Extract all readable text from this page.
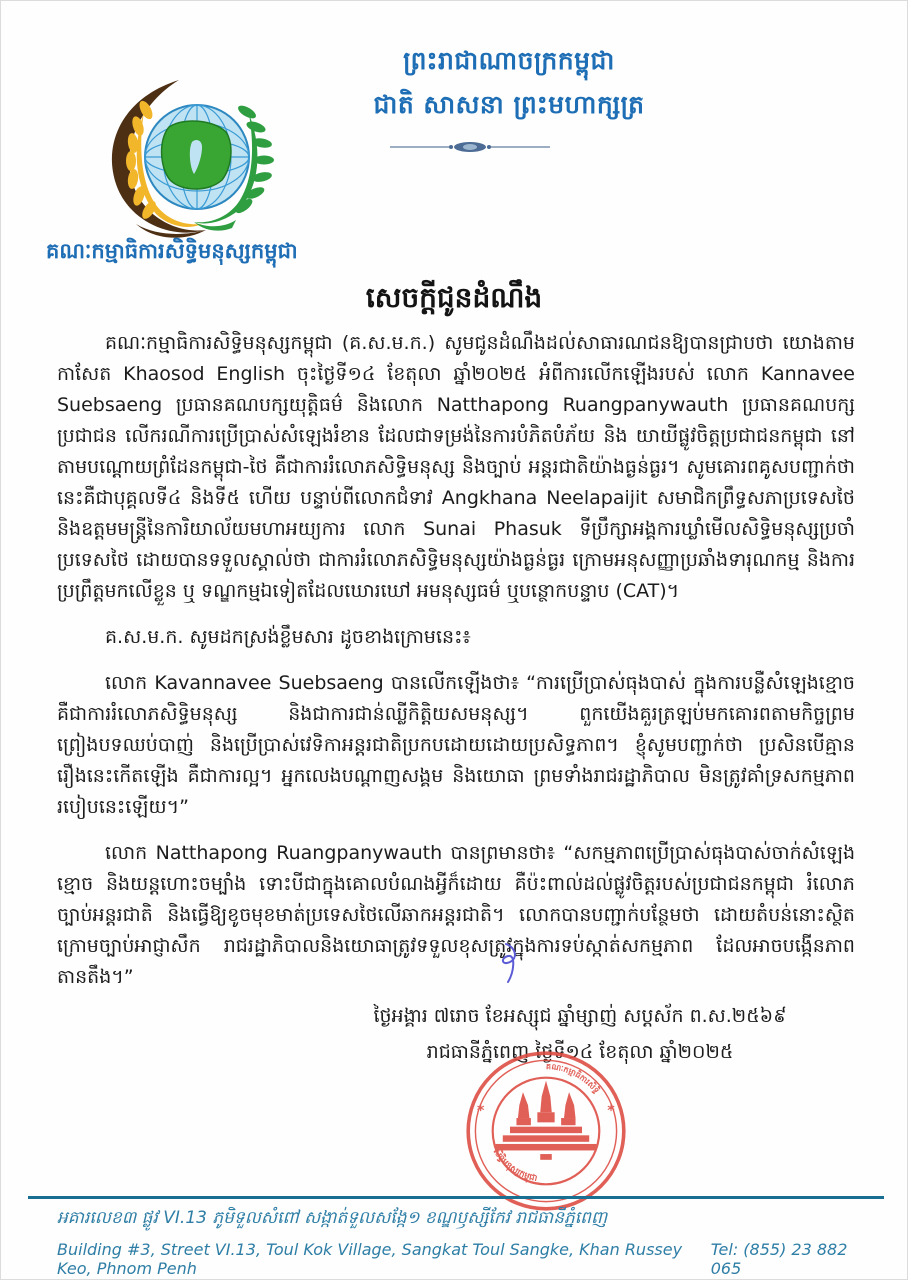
ព្រះរាជាណាចក្រកម្ពុជា
ជាតិ សាសនា ព្រះមហាក្សត្រ
គណៈកម្មាធិការសិទ្ធិមនុស្សកម្ពុជា
សេចក្តីជូនដំណឹង

គណៈកម្មាធិការសិទ្ធិមនុស្សកម្ពុជា (គ.ស.ម.ក.) សូមជូនដំណឹងដល់សាធារណជនឱ្យបានជ្រាបថា យោងតាមកាសែត Khaosod English ចុះថ្ងៃទី១៤ ខែតុលា ឆ្នាំ២០២៥ អំពីការលើកឡើងរបស់ លោក Kannavee Suebsaeng ប្រធានគណបក្សយុត្តិធម៌ និងលោក Natthapong Ruangpanywauth ប្រធានគណបក្សប្រជាជន លើករណីការប្រើប្រាស់សំឡេងរំខាន ដែលជាទម្រង់នៃការបំភិតបំភ័យ និង យាយីផ្លូវចិត្តប្រជាជនកម្ពុជា នៅតាមបណ្តោយព្រំដែនកម្ពុជា-ថៃ គឺជាការរំលោភសិទ្ធិមនុស្ស និងច្បាប់ អន្តរជាតិយ៉ាងធ្ងន់ធ្ងរ។ សូមគោរពគូសបញ្ជាក់ថា នេះគឺជាបុគ្គលទី៤ និងទី៥ ហើយ បន្ទាប់ពីលោកជំទាវ Angkhana Neelapaijit សមាជិកព្រឹទ្ធសភាប្រទេសថៃ និងឧត្តមមន្រ្តីនៃការិយាល័យមហាអយ្យការ លោក Sunai Phasuk ទីប្រឹក្សាអង្គការឃ្លាំមើលសិទ្ធិមនុស្សប្រចាំប្រទេសថៃ ដោយបានទទួលស្គាល់ថា ជាការរំលោភសិទ្ធិមនុស្សយ៉ាងធ្ងន់ធ្ងរ ក្រោមអនុសញ្ញាប្រឆាំងទារុណកម្ម និងការប្រព្រឹត្តមកលើខ្លួន ឬ ទណ្ឌកម្មឯទៀតដែលឃោរឃៅ អមនុស្សធម៌ ឬបន្ថោកបន្ទាប (CAT)។

គ.ស.ម.ក. សូមដកស្រង់ខ្លឹមសារ ដូចខាងក្រោមនេះ៖

លោក Kavannavee Suebsaeng បានលើកឡើងថា៖ “ការប្រើប្រាស់ធុងបាស់ ក្នុងការបន្លឺសំឡេងខ្មោច គឺជាការរំលោភសិទ្ធិមនុស្ស និងជាការជាន់ឈ្លីកិត្តិយសមនុស្ស។ ពួកយើងគួរត្រឡប់មកគោរពតាមកិច្ចព្រមព្រៀងបទឈប់បាញ់ និងប្រើប្រាស់វេទិកាអន្តរជាតិប្រកបដោយដោយប្រសិទ្ធភាព។ ខ្ញុំសូមបញ្ជាក់ថា ប្រសិនបើគ្មានរឿងនេះកើតឡើង គឺជាការល្អ។ អ្នកលេងបណ្តាញសង្គម និងយោធា ព្រមទាំងរាជរដ្ឋាភិបាល មិនត្រូវគាំទ្រសកម្មភាពរបៀបនេះឡើយ។”

លោក Natthapong Ruangpanywauth បានព្រមានថា៖ “សកម្មភាពប្រើប្រាស់ធុងបាស់ចាក់សំឡេងខ្មោច និងយន្តហោះចម្បាំង ទោះបីជាក្នុងគោលបំណងអ្វីក៏ដោយ គឺប៉ះពាល់ដល់ផ្លូវចិត្តរបស់ប្រជាជនកម្ពុជា រំលោភច្បាប់អន្តរជាតិ និងធ្វើឱ្យខូចមុខមាត់ប្រទេសថៃលើឆាកអន្តរជាតិ។ លោកបានបញ្ជាក់បន្ថែមថា ដោយតំបន់នោះស្ថិតក្រោមច្បាប់អាជ្ញាសឹក រាជរដ្ឋាភិបាលនិងយោធាត្រូវទទួលខុសត្រូវក្នុងការទប់ស្កាត់សកម្មភាព ដែលអាចបង្កើនភាពតានតឹង។”

ថ្ងៃអង្គារ ៧រោច ខែអស្សុជ ឆ្នាំម្សាញ់ សប្តស័ក ព.ស.២៥៦៩
រាជធានីភ្នំពេញ ថ្ងៃទី១៤ ខែតុលា ឆ្នាំ២០២៥
*	*
គណៈកម្មាធិការសិទ្ធិ
សិទ្ធិមនុស្សកម្ពុជា
អគារលេខ៣ ផ្លូវ VI.13 ភូមិទួលសំពៅ សង្កាត់ទួលសង្កែ១ ខណ្ឌឫស្សីកែវ រាជធានីភ្នំពេញ
Building #3, Street VI.13, Toul Kok Village, Sangkat Toul Sangke, Khan Russey Keo, Phnom Penh
Tel: (855) 23 882 065
